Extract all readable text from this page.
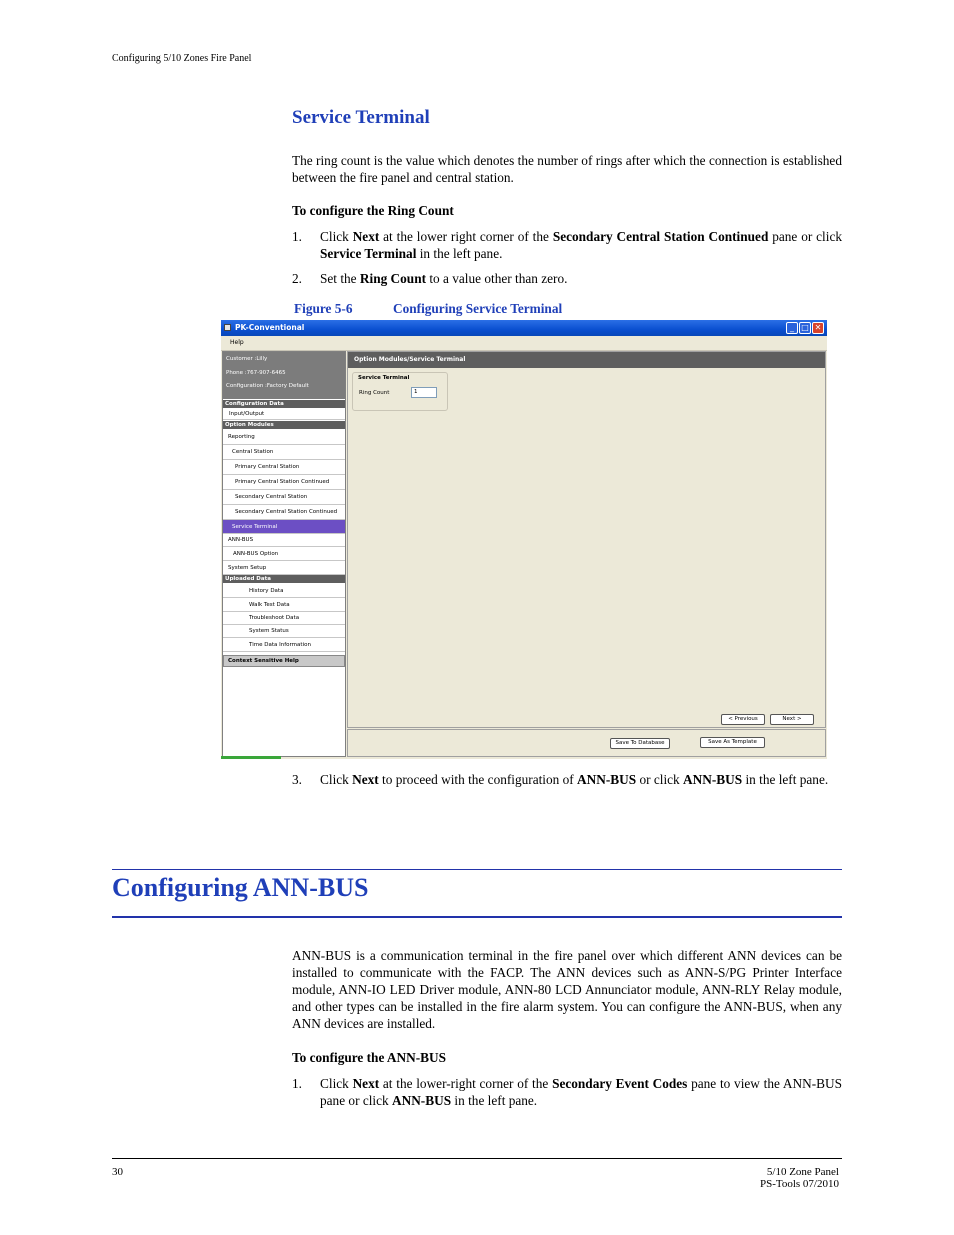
Configuring 5/10 Zones Fire Panel
Service Terminal
The ring count is the value which denotes the number of rings after which the connection is established between the fire panel and central station.
To configure the Ring Count
1. Click Next at the lower right corner of the Secondary Central Station Continued pane or click Service Terminal in the left pane.
2. Set the Ring Count to a value other than zero.
Figure 5-6	Configuring Service Terminal
PK-Conventional	_ □ ✕
Help
Customer :Lilly
Phone :767-907-6465
Configuration :Factory Default
Configuration Data
Input/Output
Option Modules
Reporting
Central Station
Primary Central Station
Primary Central Station Continued
Secondary Central Station
Secondary Central Station Continued
Service Terminal
ANN-BUS
ANN-BUS Option
System Setup
Uploaded Data
History Data
Walk Test Data
Troubleshoot Data
System Status
Time Data Information
Context Sensitive Help
Option Modules/Service Terminal
Service Terminal
Ring Count	1
< Previous	Next >
Save To Database	Save As Template
3. Click Next to proceed with the configuration of ANN-BUS or click ANN-BUS in the left pane.
Configuring ANN-BUS
ANN-BUS is a communication terminal in the fire panel over which different ANN devices can be installed to communicate with the FACP. The ANN devices such as ANN-S/PG Printer Interface module, ANN-IO LED Driver module, ANN-80 LCD Annunciator module, ANN-RLY Relay module, and other types can be installed in the fire alarm system. You can configure the ANN-BUS, when any ANN devices are installed.
To configure the ANN-BUS
1. Click Next at the lower-right corner of the Secondary Event Codes pane to view the ANN-BUS pane or click ANN-BUS in the left pane.
30	5/10 Zone Panel
PS-Tools 07/2010
